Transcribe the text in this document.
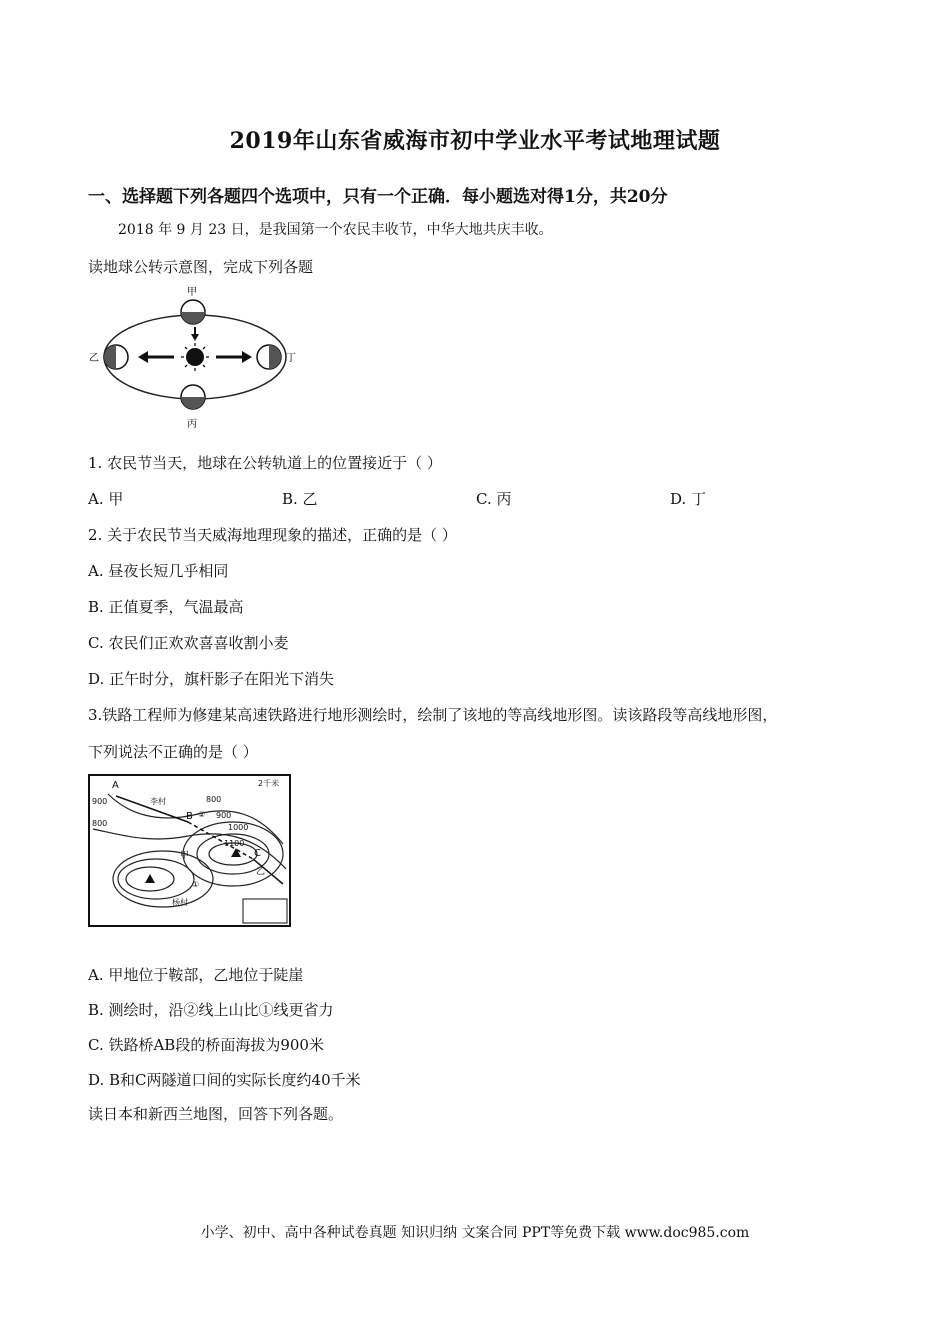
2019年山东省威海市初中学业水平考试地理试题
一、选择题下列各题四个选项中，只有一个正确．每小题选对得1分，共20分
2018 年 9 月 23 日，是我国第一个农民丰收节，中华大地共庆丰收。
读地球公转示意图，完成下列各题
甲
乙
丙
丁
1. 农民节当天，地球在公转轨道上的位置接近于（ ）
A. 甲	B. 乙	C. 丙	D. 丁
2. 关于农民节当天威海地理现象的描述，正确的是（ ）
A. 昼夜长短几乎相同
B. 正值夏季，气温最高
C. 农民们正欢欢喜喜收割小麦
D. 正午时分，旗杆影子在阳光下消失
3.铁路工程师为修建某高速铁路进行地形测绘时，绘制了该地的等高线地形图。读该路段等高线地形图，
下列说法不正确的是（ ）
A
B
C
甲
乙
①
②
李村
杨村
900
800
800
900
1000
1100
2千米
A. 甲地位于鞍部，乙地位于陡崖
B. 测绘时，沿②线上山比①线更省力
C. 铁路桥AB段的桥面海拔为900米
D. B和C两隧道口间的实际长度约40千米
读日本和新西兰地图，回答下列各题。
小学、初中、高中各种试卷真题 知识归纳 文案合同 PPT等免费下载 www.doc985.com
